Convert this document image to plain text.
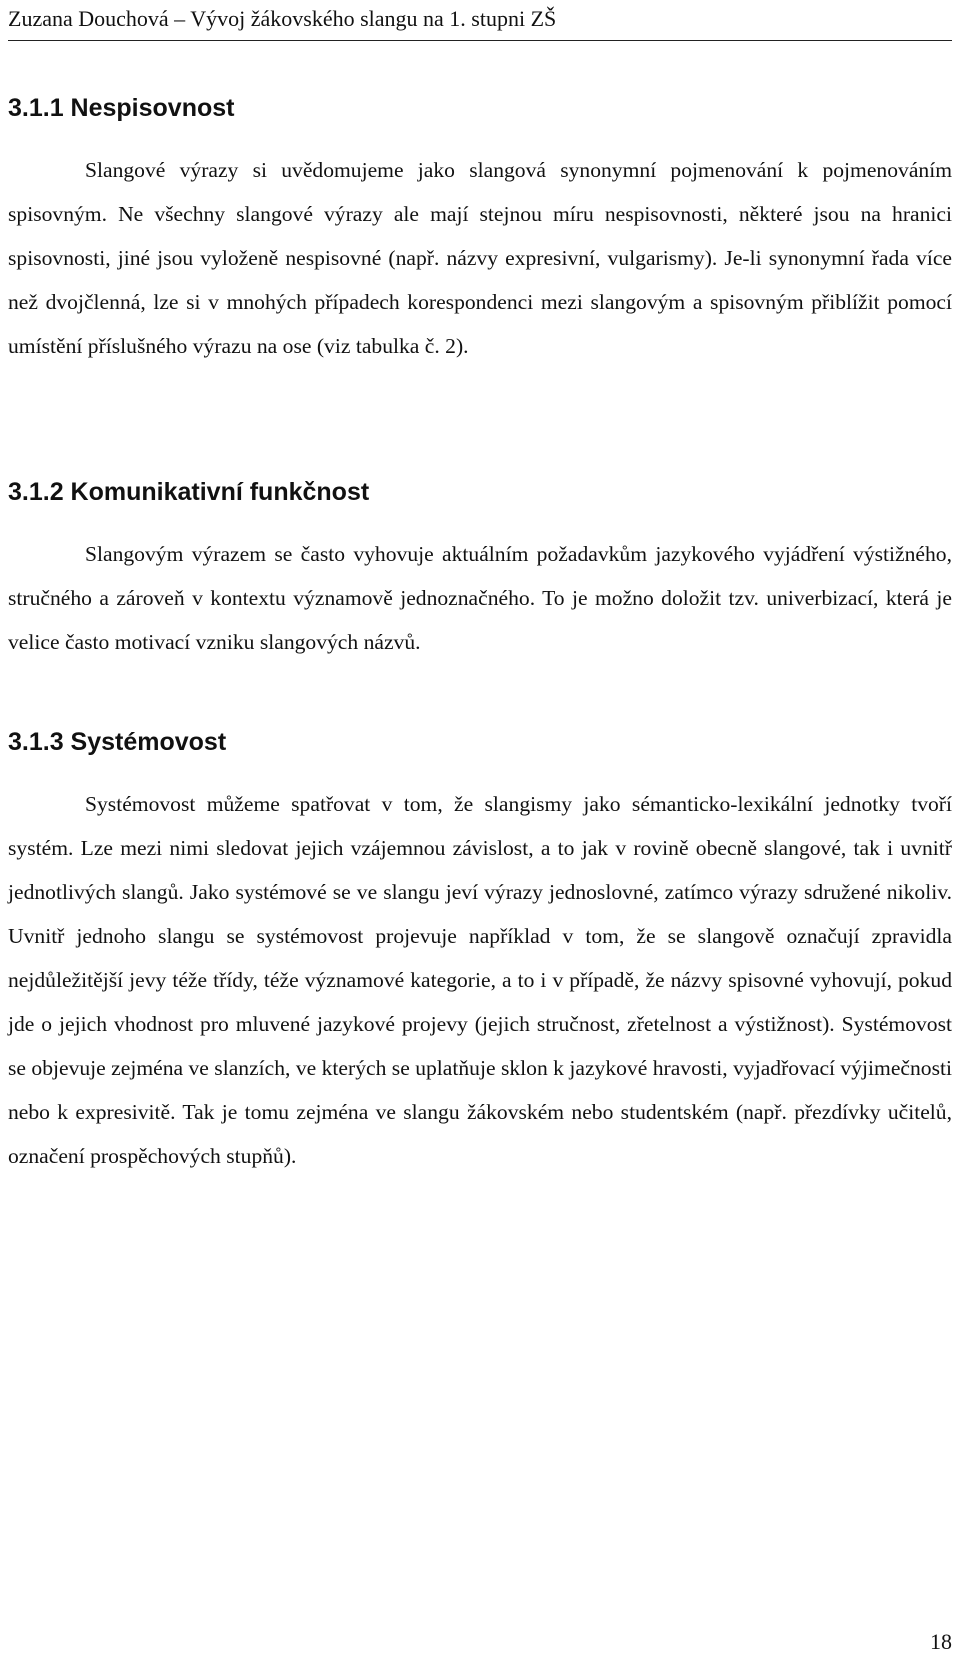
Zuzana Douchová – Vývoj žákovského slangu na 1. stupni ZŠ
3.1.1 Nespisovnost

Slangové výrazy si uvědomujeme jako slangová synonymní pojmenování k pojmenováním spisovným. Ne všechny slangové výrazy ale mají stejnou míru nespisovnosti, některé jsou na hranici spisovnosti, jiné jsou vyloženě nespisovné (např. názvy expresivní, vulgarismy). Je-li synonymní řada více než dvojčlenná, lze si v mnohých případech korespondenci mezi slangovým a spisovným přiblížit pomocí umístění příslušného výrazu na ose (viz tabulka č. 2).

3.1.2 Komunikativní funkčnost

Slangovým výrazem se často vyhovuje aktuálním požadavkům jazykového vyjádření výstižného, stručného a zároveň v kontextu významově jednoznačného. To je možno doložit tzv. univerbizací, která je velice často motivací vzniku slangových názvů.

3.1.3 Systémovost

Systémovost můžeme spatřovat v tom, že slangismy jako sémanticko-lexikální jednotky tvoří systém. Lze mezi nimi sledovat jejich vzájemnou závislost, a to jak v rovině obecně slangové, tak i uvnitř jednotlivých slangů. Jako systémové se ve slangu jeví výrazy jednoslovné, zatímco výrazy sdružené nikoliv. Uvnitř jednoho slangu se systémovost projevuje například v tom, že se slangově označují zpravidla nejdůležitější jevy téže třídy, téže významové kategorie, a to i v případě, že názvy spisovné vyhovují, pokud jde o jejich vhodnost pro mluvené jazykové projevy (jejich stručnost, zřetelnost a výstižnost). Systémovost se objevuje zejména ve slanzích, ve kterých se uplatňuje sklon k jazykové hravosti, vyjadřovací výjimečnosti nebo k expresivitě. Tak je tomu zejména ve slangu žákovském nebo studentském (např. přezdívky učitelů, označení prospěchových stupňů).

18
